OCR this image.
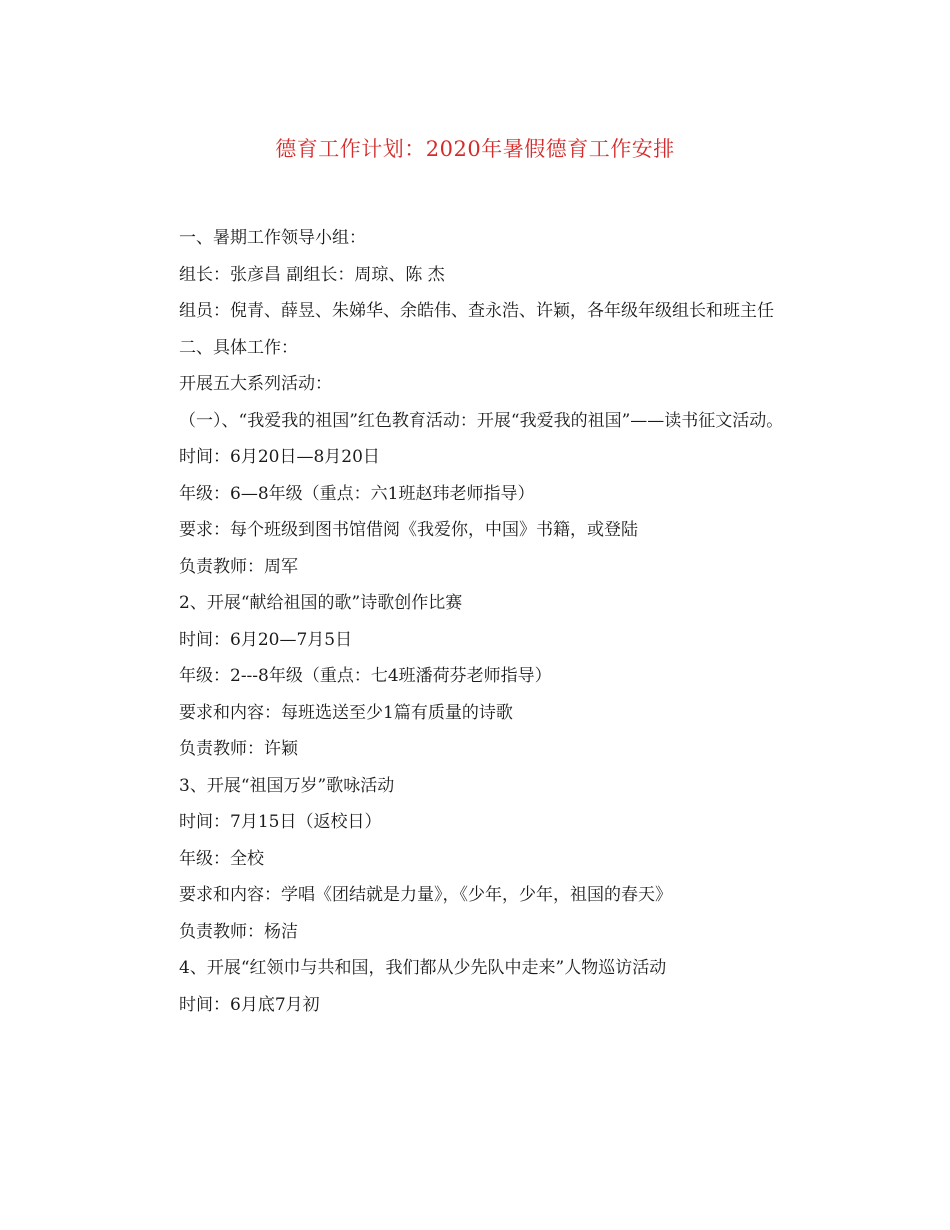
德育工作计划：2020年暑假德育工作安排

一、暑期工作领导小组：

组长：张彦昌 副组长：周琼、陈 杰

组员：倪青、薛昱、朱娣华、余皓伟、查永浩、许颖，各年级年级组长和班主任

二、具体工作：

开展五大系列活动：

（一）、“我爱我的祖国”红色教育活动：开展“我爱我的祖国”——读书征文活动。

时间：6月20日—8月20日

年级：6—8年级（重点：六1班赵玮老师指导）

要求：每个班级到图书馆借阅《我爱你，中国》书籍，或登陆

负责教师：周军

2、开展“献给祖国的歌”诗歌创作比赛

时间：6月20—7月5日

年级：2---8年级（重点：七4班潘荷芬老师指导）

要求和内容：每班选送至少1篇有质量的诗歌

负责教师：许颖

3、开展“祖国万岁”歌咏活动

时间：7月15日（返校日）

年级：全校

要求和内容：学唱《团结就是力量》，《少年，少年，祖国的春天》

负责教师：杨洁

4、开展“红领巾与共和国，我们都从少先队中走来”人物巡访活动

时间：6月底7月初
